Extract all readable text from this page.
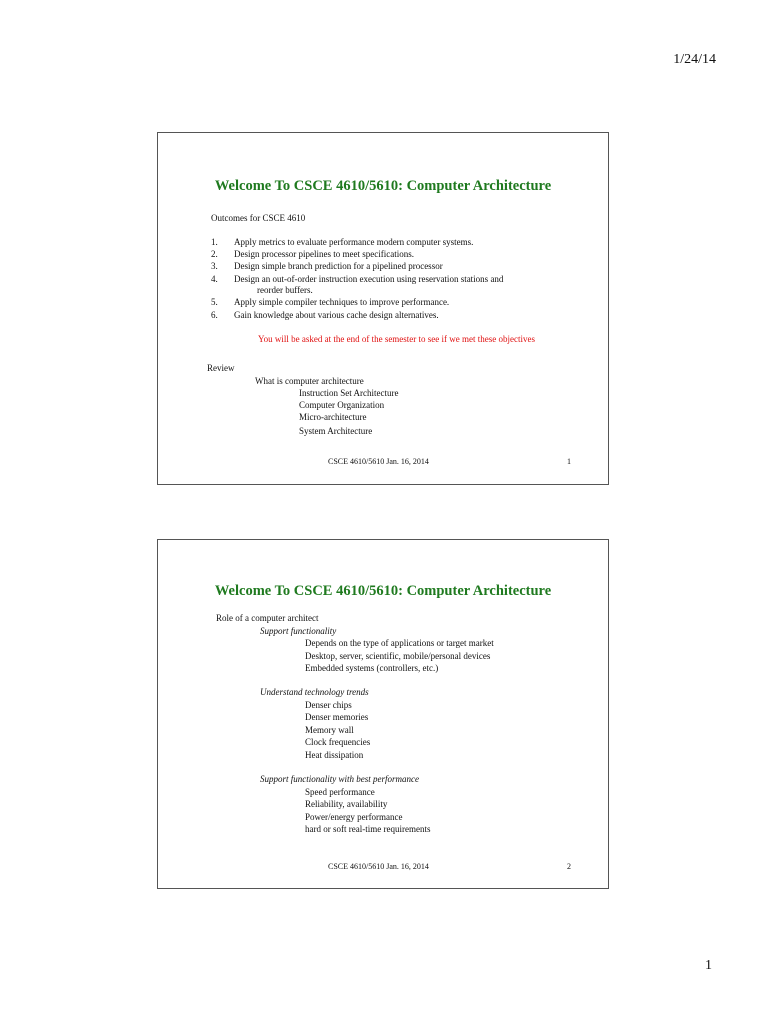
1/24/14
Welcome To CSCE 4610/5610: Computer Architecture
Outcomes for CSCE 4610
1. Apply metrics to evaluate performance modern computer systems.
2. Design processor pipelines to meet specifications.
3. Design simple branch prediction for a pipelined processor
4. Design an out-of-order instruction execution using reservation stations and
reorder buffers.
5. Apply simple compiler techniques to improve performance.
6. Gain knowledge about various cache design alternatives.
You will be asked at the end of the semester to see if we met these objectives
Review
What is computer architecture
Instruction Set Architecture
Computer Organization
Micro-architecture
System Architecture
CSCE 4610/5610 Jan. 16, 2014	1
Welcome To CSCE 4610/5610: Computer Architecture
Role of a computer architect
Support functionality
Depends on the type of applications or target market
Desktop, server, scientific, mobile/personal devices
Embedded systems (controllers, etc.)
Understand technology trends
Denser chips
Denser memories
Memory wall
Clock frequencies
Heat dissipation
Support functionality with best performance
Speed performance
Reliability, availability
Power/energy performance
hard or soft real-time requirements
CSCE 4610/5610 Jan. 16, 2014	2
1
